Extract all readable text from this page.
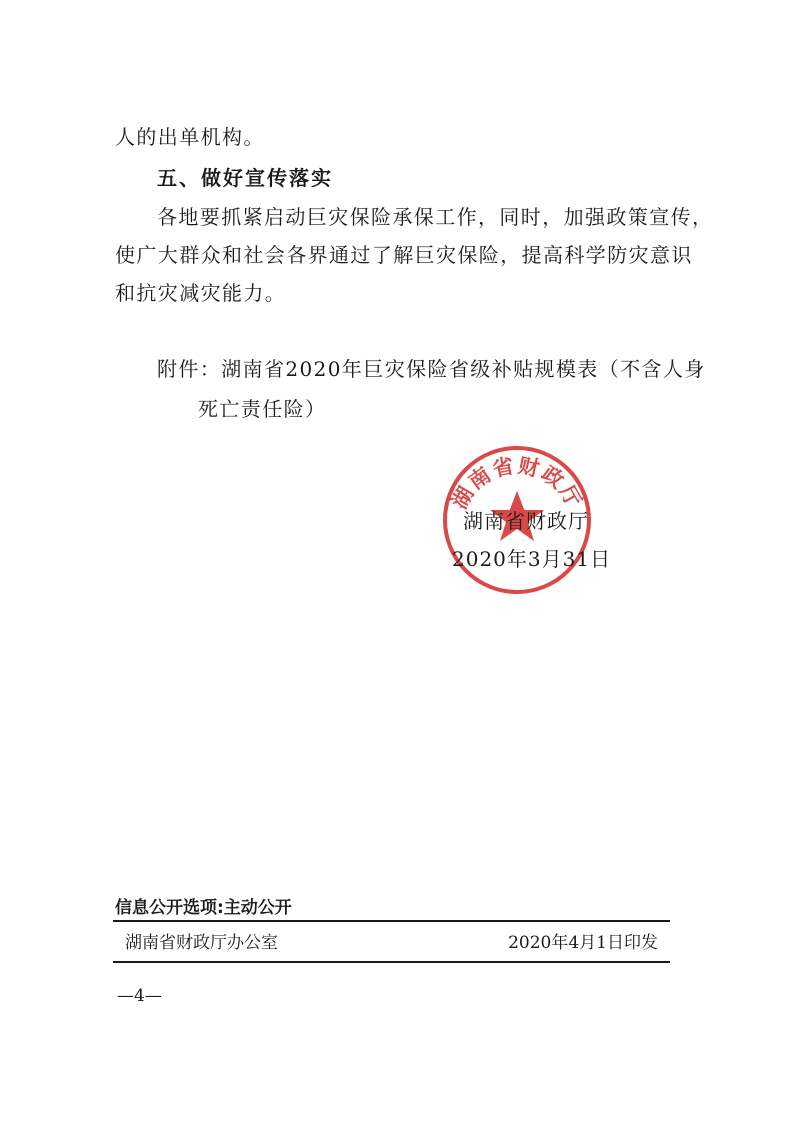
人的出单机构。
五、做好宣传落实
各地要抓紧启动巨灾保险承保工作，同时，加强政策宣传，
使广大群众和社会各界通过了解巨灾保险，提高科学防灾意识
和抗灾减灾能力。
附件：湖南省2020年巨灾保险省级补贴规模表（不含人身
死亡责任险）
湖南省财政厅
湖南省财政厅
2020年3月31日
信息公开选项:主动公开
湖南省财政厅办公室	2020年4月1日印发
—4—
